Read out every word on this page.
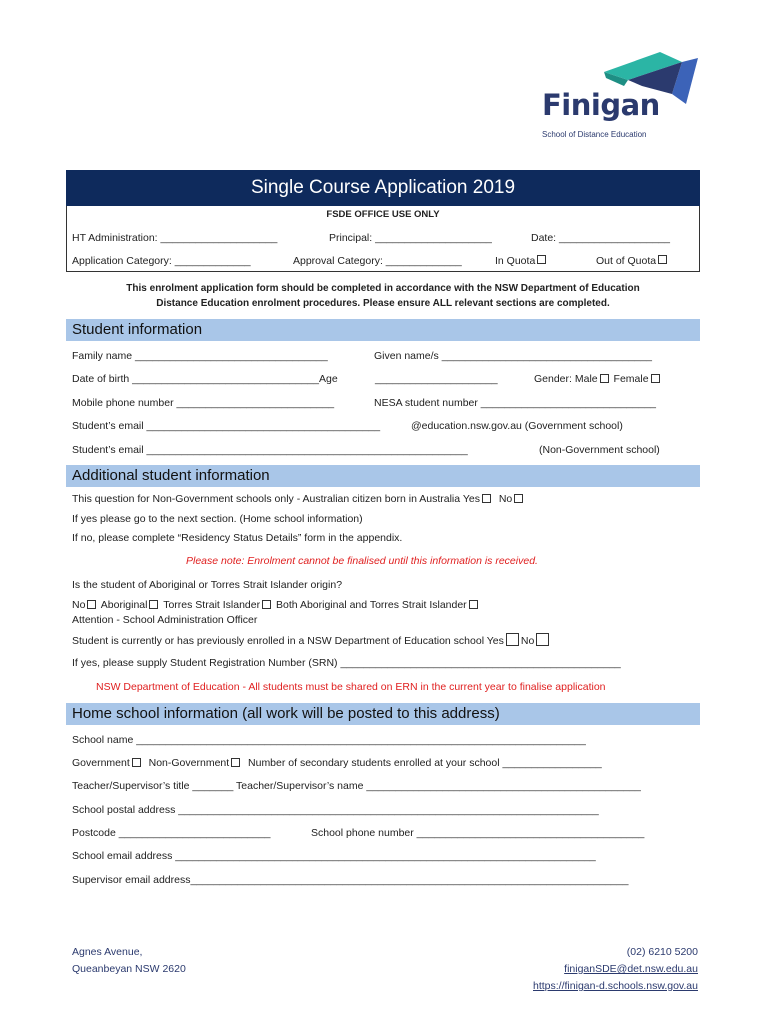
Finigan
School of Distance Education
Single Course Application 2019
FSDE OFFICE USE ONLY
HT Administration: ____________________	Principal: ____________________	Date: ___________________
Application Category: _____________	Approval Category: _____________	In Quota	Out of Quota
This enrolment application form should be completed in accordance with the NSW Department of Education
Distance Education enrolment procedures. Please ensure ALL relevant sections are completed.
Student information
Family name _________________________________	Given name/s ____________________________________
Date of birth ________________________________Age	_____________________	Gender: Male Female
Mobile phone number ___________________________	NESA student number ______________________________
Student’s email ________________________________________	@education.nsw.gov.au (Government school)
Student’s email _______________________________________________________	(Non-Government school)
Additional student information
This question for Non-Government schools only - Australian citizen born in Australia Yes No
If yes please go to the next section. (Home school information)
If no, please complete “Residency Status Details” form in the appendix.
Please note: Enrolment cannot be finalised until this information is received.
Is the student of Aboriginal or Torres Strait Islander origin?
No Aboriginal Torres Strait Islander Both Aboriginal and Torres Strait Islander
Attention - School Administration Officer
Student is currently or has previously enrolled in a NSW Department of Education school Yes No
If yes, please supply Student Registration Number (SRN) ________________________________________________
NSW Department of Education - All students must be shared on ERN in the current year to finalise application
Home school information (all work will be posted to this address)
School name _____________________________________________________________________________
Government Non-Government Number of secondary students enrolled at your school _________________
Teacher/Supervisor’s title _______ Teacher/Supervisor’s name _______________________________________________
School postal address ________________________________________________________________________
Postcode __________________________	School phone number _______________________________________
School email address ________________________________________________________________________
Supervisor email address___________________________________________________________________________
Agnes Avenue,
Queanbeyan NSW 2620
(02) 6210 5200
finiganSDE@det.nsw.edu.au
https://finigan-d.schools.nsw.gov.au
